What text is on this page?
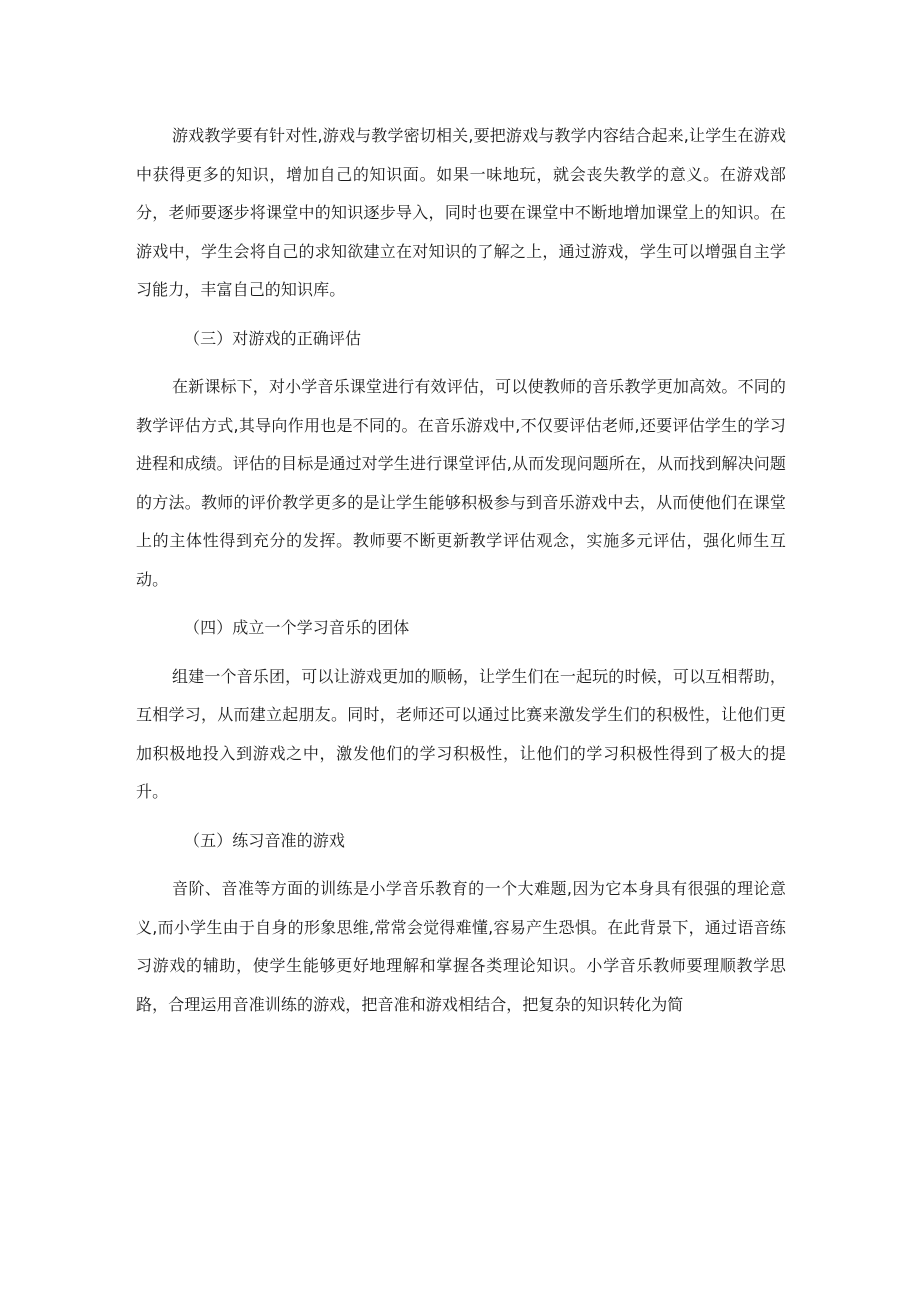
游戏教学要有针对性,游戏与教学密切相关,要把游戏与教学内容结合起来,让学生在游戏中获得更多的知识，增加自己的知识面。如果一味地玩，就会丧失教学的意义。在游戏部分，老师要逐步将课堂中的知识逐步导入，同时也要在课堂中不断地增加课堂上的知识。在游戏中，学生会将自己的求知欲建立在对知识的了解之上，通过游戏，学生可以增强自主学习能力，丰富自己的知识库。

（三）对游戏的正确评估

在新课标下，对小学音乐课堂进行有效评估，可以使教师的音乐教学更加高效。不同的教学评估方式,其导向作用也是不同的。在音乐游戏中,不仅要评估老师,还要评估学生的学习进程和成绩。评估的目标是通过对学生进行课堂评估,从而发现问题所在，从而找到解决问题的方法。教师的评价教学更多的是让学生能够积极参与到音乐游戏中去，从而使他们在课堂上的主体性得到充分的发挥。教师要不断更新教学评估观念，实施多元评估，强化师生互动。

（四）成立一个学习音乐的团体

组建一个音乐团，可以让游戏更加的顺畅，让学生们在一起玩的时候，可以互相帮助，互相学习，从而建立起朋友。同时，老师还可以通过比赛来激发学生们的积极性，让他们更加积极地投入到游戏之中，激发他们的学习积极性，让他们的学习积极性得到了极大的提升。

（五）练习音准的游戏

音阶、音准等方面的训练是小学音乐教育的一个大难题,因为它本身具有很强的理论意义,而小学生由于自身的形象思维,常常会觉得难懂,容易产生恐惧。在此背景下，通过语音练习游戏的辅助，使学生能够更好地理解和掌握各类理论知识。小学音乐教师要理顺教学思路，合理运用音准训练的游戏，把音准和游戏相结合，把复杂的知识转化为简
